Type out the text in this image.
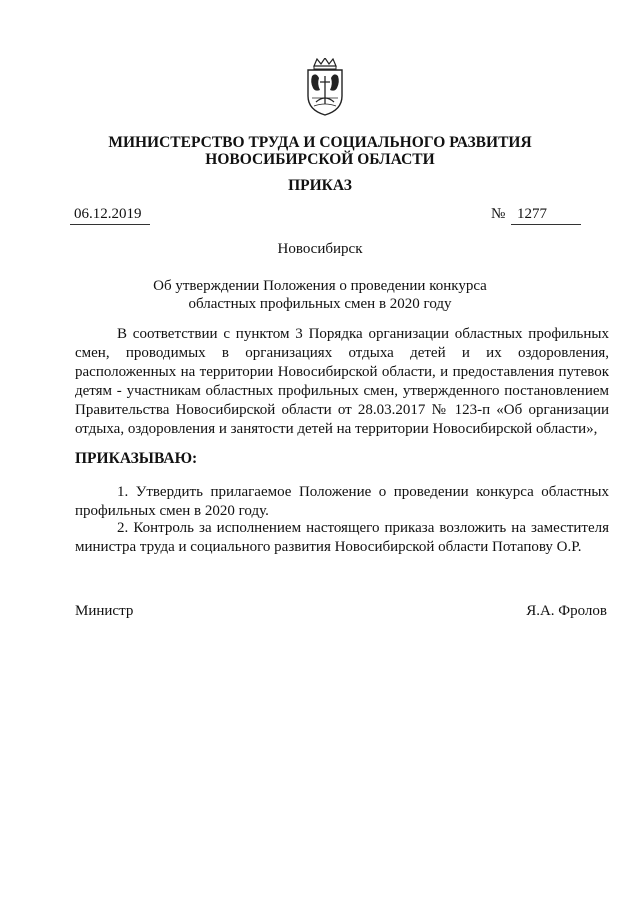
МИНИСТЕРСТВО ТРУДА И СОЦИАЛЬНОГО РАЗВИТИЯ
НОВОСИБИРСКОЙ ОБЛАСТИ
ПРИКАЗ
06.12.2019	№ 1277
Новосибирск
Об утверждении Положения о проведении конкурса
областных профильных смен в 2020 году

В соответствии с пунктом 3 Порядка организации областных профильных смен, проводимых в организациях отдыха детей и их оздоровления, расположенных на территории Новосибирской области, и предоставления путевок детям - участникам областных профильных смен, утвержденного постановлением Правительства Новосибирской области от 28.03.2017 № 123-п «Об организации отдыха, оздоровления и занятости детей на территории Новосибирской области»,

ПРИКАЗЫВАЮ:

1. Утвердить прилагаемое Положение о проведении конкурса областных профильных смен в 2020 году.

2. Контроль за исполнением настоящего приказа возложить на заместителя министра труда и социального развития Новосибирской области Потапову О.Р.

Министр	Я.А. Фролов
